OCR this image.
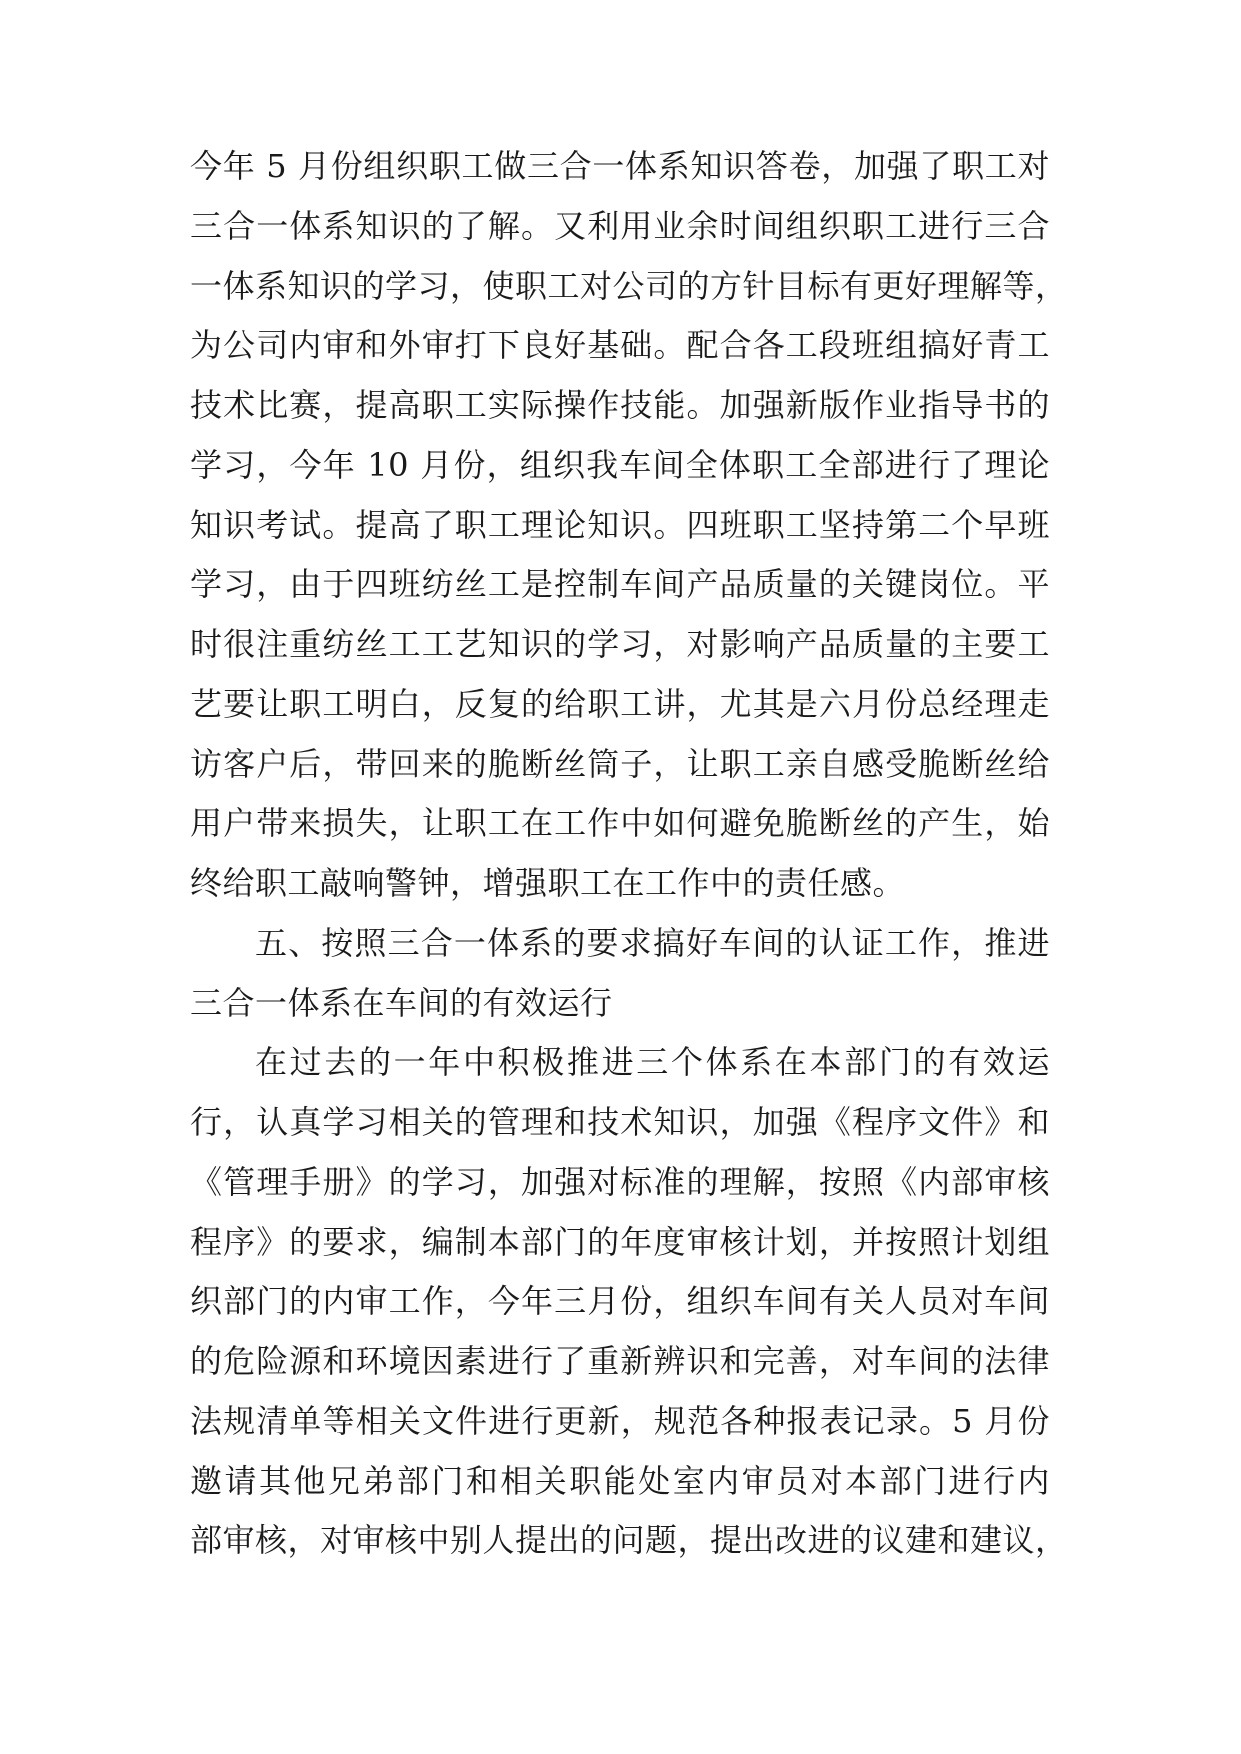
今年 5 月份组织职工做三合一体系知识答卷，加强了职工对
三合一体系知识的了解。又利用业余时间组织职工进行三合
一体系知识的学习，使职工对公司的方针目标有更好理解等，
为公司内审和外审打下良好基础。配合各工段班组搞好青工
技术比赛，提高职工实际操作技能。加强新版作业指导书的
学习，今年 10 月份，组织我车间全体职工全部进行了理论
知识考试。提高了职工理论知识。四班职工坚持第二个早班
学习，由于四班纺丝工是控制车间产品质量的关键岗位。平
时很注重纺丝工工艺知识的学习，对影响产品质量的主要工
艺要让职工明白，反复的给职工讲，尤其是六月份总经理走
访客户后，带回来的脆断丝筒子，让职工亲自感受脆断丝给
用户带来损失，让职工在工作中如何避免脆断丝的产生，始
终给职工敲响警钟，增强职工在工作中的责任感。
五、按照三合一体系的要求搞好车间的认证工作，推进
三合一体系在车间的有效运行
在过去的一年中积极推进三个体系在本部门的有效运
行，认真学习相关的管理和技术知识，加强《程序文件》和
《管理手册》的学习，加强对标准的理解，按照《内部审核
程序》的要求，编制本部门的年度审核计划，并按照计划组
织部门的内审工作，今年三月份，组织车间有关人员对车间
的危险源和环境因素进行了重新辨识和完善，对车间的法律
法规清单等相关文件进行更新，规范各种报表记录。5 月份
邀请其他兄弟部门和相关职能处室内审员对本部门进行内
部审核，对审核中别人提出的问题，提出改进的议建和建议，
